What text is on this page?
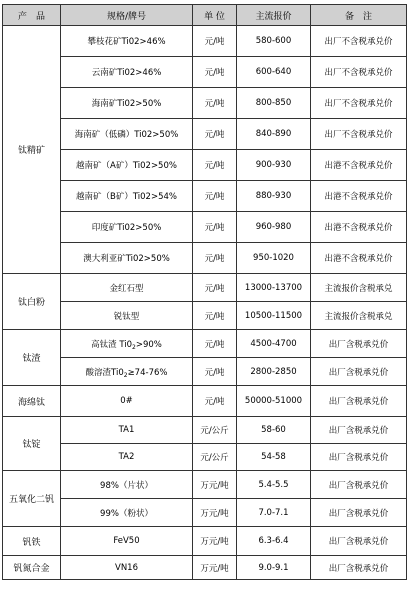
产　品	规格/牌号	单 位	主流报价	备　注
钛精矿	攀枝花矿Ti02>46%	元/吨	580-600	出厂不含税承兑价
	云南矿Ti02>46%	元/吨	600-640	出厂不含税承兑价
	海南矿Ti02>50%	元/吨	800-850	出厂不含税承兑价
	海南矿（低磷）Ti02>50%	元/吨	840-890	出厂不含税承兑价
	越南矿（A矿）Ti02>50%	元/吨	900-930	出港不含税承兑价
	越南矿（B矿）Ti02>54%	元/吨	880-930	出港不含税承兑价
	印度矿Ti02>50%	元/吨	960-980	出港不含税承兑价
	澳大利亚矿Ti02>50%	元/吨	950-1020	出港不含税承兑价
钛白粉	金红石型	元/吨	13000-13700	主流报价含税承兑
	锐钛型	元/吨	10500-11500	主流报价含税承兑
钛渣	高钛渣 $Ti0_2>90\%$	元/吨	4500-4700	出厂含税承兑价
	酸溶渣$Ti0_2\ge 74-76\%$	元/吨	2800-2850	出厂含税承兑价
海绵钛	0#	元/吨	50000-51000	出厂含税承兑价
钛锭	TA1	元/公斤	58-60	出厂含税承兑价
	TA2	元/公斤	54-58	出厂含税承兑价
五氧化二钒	98%（片状）	万元/吨	5.4-5.5	出厂含税承兑价
	99%（粉状）	万元/吨	7.0-7.1	出厂含税承兑价
钒铁	FeV50	万元/吨	6.3-6.4	出厂含税承兑价
钒氮合金	VN16	万元/吨	9.0-9.1	出厂含税承兑价
